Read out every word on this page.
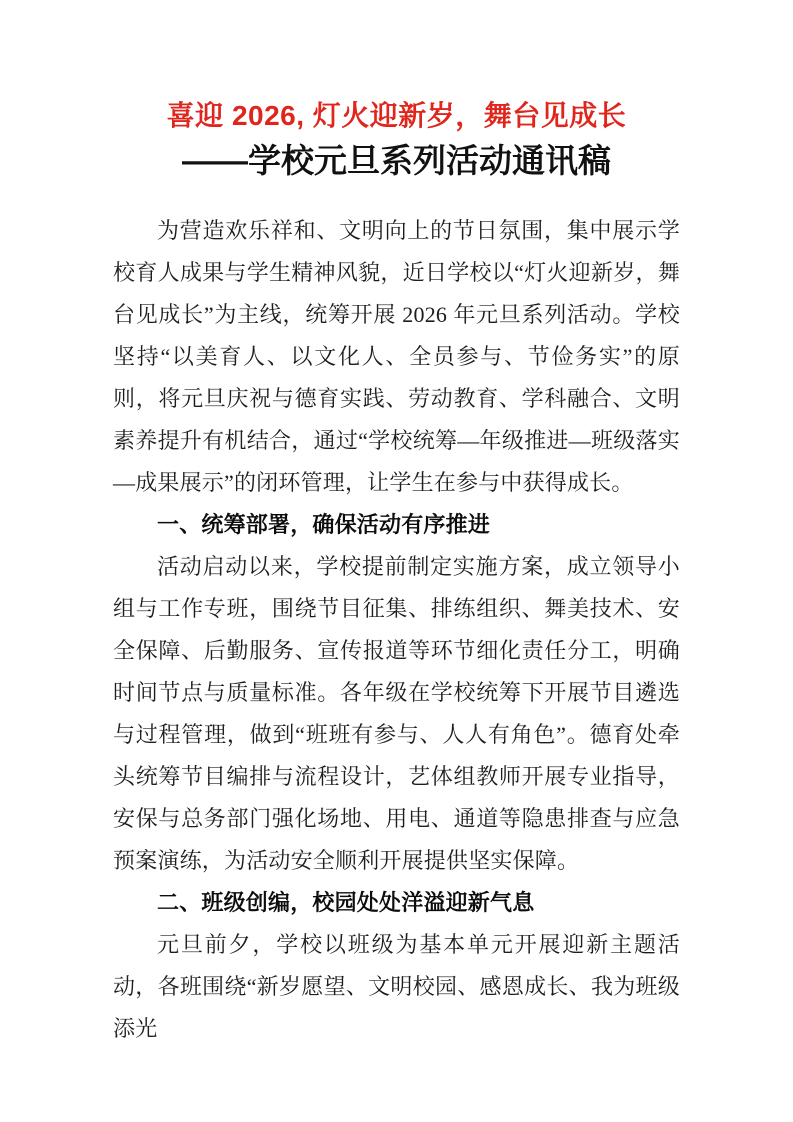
喜迎 2026, 灯火迎新岁，舞台见成长
——学校元旦系列活动通讯稿

为营造欢乐祥和、文明向上的节日氛围，集中展示学校育人成果与学生精神风貌，近日学校以“灯火迎新岁，舞台见成长”为主线，统筹开展 2026 年元旦系列活动。学校坚持“以美育人、以文化人、全员参与、节俭务实”的原则，将元旦庆祝与德育实践、劳动教育、学科融合、文明素养提升有机结合，通过“学校统筹—年级推进—班级落实—成果展示”的闭环管理，让学生在参与中获得成长。

一、统筹部署，确保活动有序推进

活动启动以来，学校提前制定实施方案，成立领导小组与工作专班，围绕节目征集、排练组织、舞美技术、安全保障、后勤服务、宣传报道等环节细化责任分工，明确时间节点与质量标准。各年级在学校统筹下开展节目遴选与过程管理，做到“班班有参与、人人有角色”。德育处牵头统筹节目编排与流程设计，艺体组教师开展专业指导，安保与总务部门强化场地、用电、通道等隐患排查与应急预案演练，为活动安全顺利开展提供坚实保障。

二、班级创编，校园处处洋溢迎新气息

元旦前夕，学校以班级为基本单元开展迎新主题活动，各班围绕“新岁愿望、文明校园、感恩成长、我为班级添光
